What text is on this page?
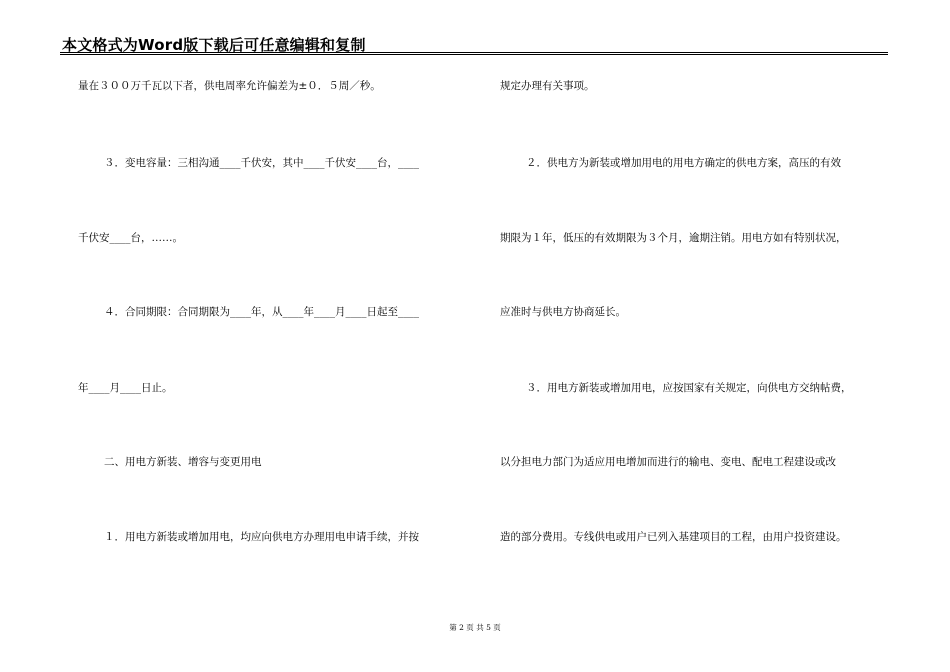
本文格式为Word版下载后可任意编辑和复制
量在３００万千瓦以下者，供电周率允许偏差为±０．５周／秒。
３．变电容量：三相沟通____千伏安，其中____千伏安____台，____
千伏安____台，……。
４．合同期限：合同期限为____年，从____年____月____日起至____
年____月____日止。
二、用电方新装、增容与变更用电
１．用电方新装或增加用电，均应向供电方办理用电申请手续，并按
规定办理有关事项。
２．供电方为新装或增加用电的用电方确定的供电方案，高压的有效
期限为１年，低压的有效期限为３个月，逾期注销。用电方如有特别状况，
应准时与供电方协商延长。
３．用电方新装或增加用电，应按国家有关规定，向供电方交纳帖费，
以分担电力部门为适应用电增加而进行的输电、变电、配电工程建设或改
造的部分费用。专线供电或用户已列入基建项目的工程，由用户投资建设。
第 2 页 共 5 页
